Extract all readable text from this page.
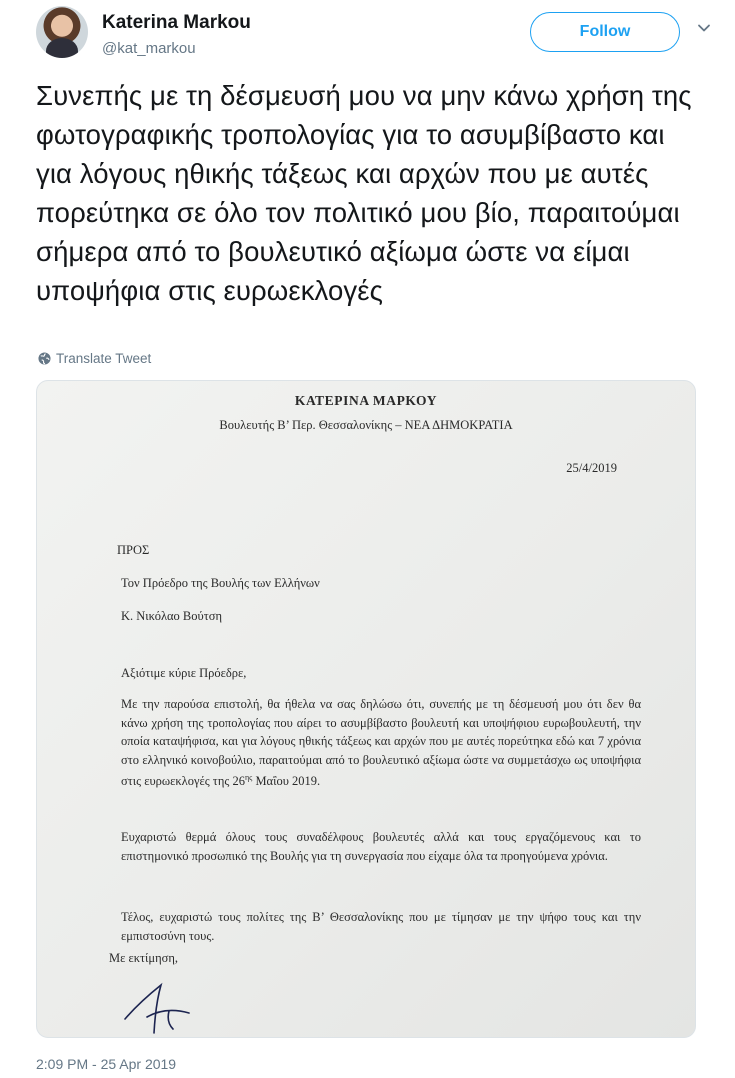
Katerina Markou
@kat_markou
Follow
Συνεπής με τη δέσμευσή μου να μην κάνω χρήση της φωτογραφικής τροπολογίας για το ασυμβίβαστο και για λόγους ηθικής τάξεως και αρχών που με αυτές πορεύτηκα σε όλο τον πολιτικό μου βίο, παραιτούμαι σήμερα από το βουλευτικό αξίωμα ώστε να είμαι υποψήφια στις ευρωεκλογές
Translate Tweet
ΚΑΤΕΡΙΝΑ ΜΑΡΚΟΥ
Βουλευτής Β’ Περ. Θεσσαλονίκης – ΝΕΑ ΔΗΜΟΚΡΑΤΙΑ
25/4/2019
ΠΡΟΣ
Τον Πρόεδρο της Βουλής των Ελλήνων
Κ. Νικόλαο Βούτση
Αξιότιμε κύριε Πρόεδρε,
Με την παρούσα επιστολή, θα ήθελα να σας δηλώσω ότι, συνεπής με τη δέσμευσή μου ότι δεν θα κάνω χρήση της τροπολογίας που αίρει το ασυμβίβαστο βουλευτή και υποψήφιου ευρωβουλευτή, την οποία καταψήφισα, και για λόγους ηθικής τάξεως και αρχών που με αυτές πορεύτηκα εδώ και 7 χρόνια στο ελληνικό κοινοβούλιο, παραιτούμαι από το βουλευτικό αξίωμα ώστε να συμμετάσχω ως υποψήφια στις ευρωεκλογές της $26^{\eta\varsigma}$ Μαΐου 2019.
Ευχαριστώ θερμά όλους τους συναδέλφους βουλευτές αλλά και τους εργαζόμενους και το επιστημονικό προσωπικό της Βουλής για τη συνεργασία που είχαμε όλα τα προηγούμενα χρόνια.
Τέλος, ευχαριστώ τους πολίτες της Β’ Θεσσαλονίκης που με τίμησαν με την ψήφο τους και την εμπιστοσύνη τους.
Με εκτίμηση,
2:09 PM - 25 Apr 2019
